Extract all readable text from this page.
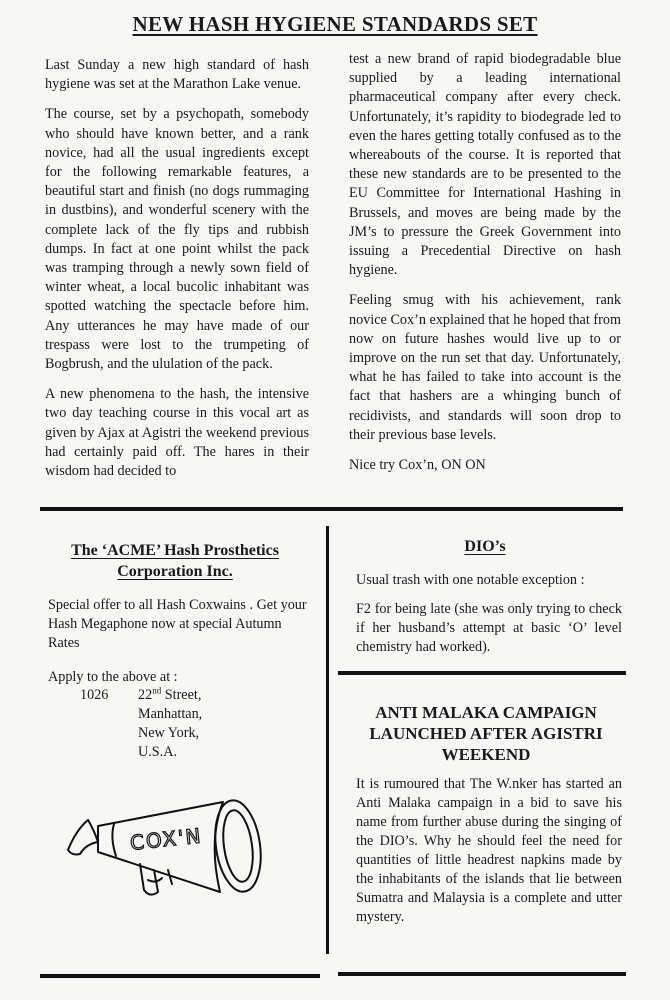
NEW HASH HYGIENE STANDARDS SET

Last Sunday a new high standard of hash hygiene was set at the Marathon Lake venue.

The course, set by a psychopath, somebody who should have known better, and a rank novice, had all the usual ingredients except for the following remarkable features, a beautiful start and finish (no dogs rummaging in dustbins), and wonderful scenery with the complete lack of the fly tips and rubbish dumps. In fact at one point whilst the pack was tramping through a newly sown field of winter wheat, a local bucolic inhabitant was spotted watching the spectacle before him. Any utterances he may have made of our trespass were lost to the trumpeting of Bogbrush, and the ululation of the pack.

A new phenomena to the hash, the intensive two day teaching course in this vocal art as given by Ajax at Agistri the weekend previous had certainly paid off. The hares in their wisdom had decided to

test a new brand of rapid biodegradable blue supplied by a leading international pharmaceutical company after every check. Unfortunately, it’s rapidity to biodegrade led to even the hares getting totally confused as to the whereabouts of the course. It is reported that these new standards are to be presented to the EU Committee for International Hashing in Brussels, and moves are being made by the JM’s to pressure the Greek Government into issuing a Precedential Directive on hash hygiene.

Feeling smug with his achievement, rank novice Cox’n explained that he hoped that from now on future hashes would live up to or improve on the run set that day. Unfortunately, what he has failed to take into account is the fact that hashers are a whinging bunch of recidivists, and standards will soon drop to their previous base levels.

Nice try Cox’n, ON ON

The ‘ACME’ Hash Prosthetics
Corporation Inc.
Special offer to all Hash Coxwains . Get your Hash Megaphone now at special Autumn Rates
Apply to the above at :
1026 22nd Street,
Manhattan,
New York,
U.S.A.
COX'N
DIO’s
Usual trash with one notable exception :
F2 for being late (she was only trying to check if her husband’s attempt at basic ‘O’ level chemistry had worked).
ANTI MALAKA CAMPAIGN
LAUNCHED AFTER AGISTRI
WEEKEND
It is rumoured that The W.nker has started an Anti Malaka campaign in a bid to save his name from further abuse during the singing of the DIO’s. Why he should feel the need for quantities of little headrest napkins made by the inhabitants of the islands that lie between Sumatra and Malaysia is a complete and utter mystery.
